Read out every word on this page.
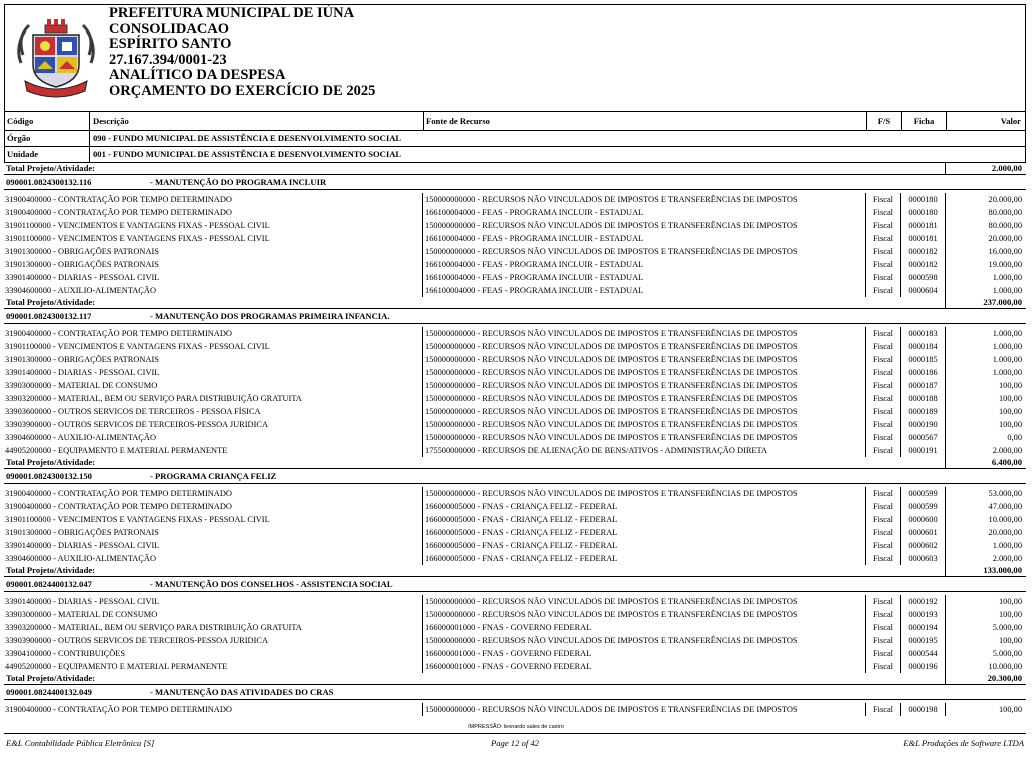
PREFEITURA MUNICIPAL DE IÚNA
CONSOLIDACAO
ESPÍRITO SANTO
27.167.394/0001-23
ANALÍTICO DA DESPESA
ORÇAMENTO DO EXERCÍCIO DE 2025
Código	Descrição	Fonte de Recurso	F/S	Ficha	Valor
Órgão	090 - FUNDO MUNICIPAL DE ASSISTÊNCIA E DESENVOLVIMENTO SOCIAL
Unidade	001 - FUNDO MUNICIPAL DE ASSISTÊNCIA E DESENVOLVIMENTO SOCIAL
Total Projeto/Atividade:	2.000,00
090001.0824300132.116	- MANUTENÇÃO DO PROGRAMA INCLUIR
31900400000 - CONTRATAÇÃO POR TEMPO DETERMINADO	150000000000 - RECURSOS NÃO VINCULADOS DE IMPOSTOS E TRANSFERÊNCIAS DE IMPOSTOS	Fiscal	0000180	20.000,00
31900400000 - CONTRATAÇÃO POR TEMPO DETERMINADO	166100004000 - FEAS - PROGRAMA INCLUIR - ESTADUAL	Fiscal	0000180	80.000,00
31901100000 - VENCIMENTOS E VANTAGENS FIXAS - PESSOAL CIVIL	150000000000 - RECURSOS NÃO VINCULADOS DE IMPOSTOS E TRANSFERÊNCIAS DE IMPOSTOS	Fiscal	0000181	80.000,00
31901100000 - VENCIMENTOS E VANTAGENS FIXAS - PESSOAL CIVIL	166100004000 - FEAS - PROGRAMA INCLUIR - ESTADUAL	Fiscal	0000181	20.000,00
31901300000 - OBRIGAÇÕES PATRONAIS	150000000000 - RECURSOS NÃO VINCULADOS DE IMPOSTOS E TRANSFERÊNCIAS DE IMPOSTOS	Fiscal	0000182	16.000,00
31901300000 - OBRIGAÇÕES PATRONAIS	166100004000 - FEAS - PROGRAMA INCLUIR - ESTADUAL	Fiscal	0000182	19.000,00
33901400000 - DIARIAS - PESSOAL CIVIL	166100004000 - FEAS - PROGRAMA INCLUIR - ESTADUAL	Fiscal	0000598	1.000,00
33904600000 - AUXILIO-ALIMENTAÇÃO	166100004000 - FEAS - PROGRAMA INCLUIR - ESTADUAL	Fiscal	0000604	1.000,00
Total Projeto/Atividade:	237.000,00
090001.0824300132.117	- MANUTENÇÃO DOS PROGRAMAS PRIMEIRA INFANCIA.
31900400000 - CONTRATAÇÃO POR TEMPO DETERMINADO	150000000000 - RECURSOS NÃO VINCULADOS DE IMPOSTOS E TRANSFERÊNCIAS DE IMPOSTOS	Fiscal	0000183	1.000,00
31901100000 - VENCIMENTOS E VANTAGENS FIXAS - PESSOAL CIVIL	150000000000 - RECURSOS NÃO VINCULADOS DE IMPOSTOS E TRANSFERÊNCIAS DE IMPOSTOS	Fiscal	0000184	1.000,00
31901300000 - OBRIGAÇÕES PATRONAIS	150000000000 - RECURSOS NÃO VINCULADOS DE IMPOSTOS E TRANSFERÊNCIAS DE IMPOSTOS	Fiscal	0000185	1.000,00
33901400000 - DIARIAS - PESSOAL CIVIL	150000000000 - RECURSOS NÃO VINCULADOS DE IMPOSTOS E TRANSFERÊNCIAS DE IMPOSTOS	Fiscal	0000186	1.000,00
33903000000 - MATERIAL DE CONSUMO	150000000000 - RECURSOS NÃO VINCULADOS DE IMPOSTOS E TRANSFERÊNCIAS DE IMPOSTOS	Fiscal	0000187	100,00
33903200000 - MATERIAL, BEM OU SERVIÇO PARA DISTRIBUIÇÃO GRATUITA	150000000000 - RECURSOS NÃO VINCULADOS DE IMPOSTOS E TRANSFERÊNCIAS DE IMPOSTOS	Fiscal	0000188	100,00
33903600000 - OUTROS SERVICOS DE TERCEIROS - PESSOA FÍSICA	150000000000 - RECURSOS NÃO VINCULADOS DE IMPOSTOS E TRANSFERÊNCIAS DE IMPOSTOS	Fiscal	0000189	100,00
33903900000 - OUTROS SERVICOS DE TERCEIROS-PESSOA JURIDICA	150000000000 - RECURSOS NÃO VINCULADOS DE IMPOSTOS E TRANSFERÊNCIAS DE IMPOSTOS	Fiscal	0000190	100,00
33904600000 - AUXILIO-ALIMENTAÇÃO	150000000000 - RECURSOS NÃO VINCULADOS DE IMPOSTOS E TRANSFERÊNCIAS DE IMPOSTOS	Fiscal	0000567	0,00
44905200000 - EQUIPAMENTO E MATERIAL PERMANENTE	175500000000 - RECURSOS DE ALIENAÇÃO DE BENS/ATIVOS - ADMINISTRAÇÃO DIRETA	Fiscal	0000191	2.000,00
Total Projeto/Atividade:	6.400,00
090001.0824300132.150	- PROGRAMA CRIANÇA FELIZ
31900400000 - CONTRATAÇÃO POR TEMPO DETERMINADO	150000000000 - RECURSOS NÃO VINCULADOS DE IMPOSTOS E TRANSFERÊNCIAS DE IMPOSTOS	Fiscal	0000599	53.000,00
31900400000 - CONTRATAÇÃO POR TEMPO DETERMINADO	166000005000 - FNAS - CRIANÇA FELIZ - FEDERAL	Fiscal	0000599	47.000,00
31901100000 - VENCIMENTOS E VANTAGENS FIXAS - PESSOAL CIVIL	166000005000 - FNAS - CRIANÇA FELIZ - FEDERAL	Fiscal	0000600	10.000,00
31901300000 - OBRIGAÇÕES PATRONAIS	166000005000 - FNAS - CRIANÇA FELIZ - FEDERAL	Fiscal	0000601	20.000,00
33901400000 - DIARIAS - PESSOAL CIVIL	166000005000 - FNAS - CRIANÇA FELIZ - FEDERAL	Fiscal	0000602	1.000,00
33904600000 - AUXILIO-ALIMENTAÇÃO	166000005000 - FNAS - CRIANÇA FELIZ - FEDERAL	Fiscal	0000603	2.000,00
Total Projeto/Atividade:	133.000,00
090001.0824400132.047	- MANUTENÇÃO DOS CONSELHOS - ASSISTENCIA SOCIAL
33901400000 - DIARIAS - PESSOAL CIVIL	150000000000 - RECURSOS NÃO VINCULADOS DE IMPOSTOS E TRANSFERÊNCIAS DE IMPOSTOS	Fiscal	0000192	100,00
33903000000 - MATERIAL DE CONSUMO	150000000000 - RECURSOS NÃO VINCULADOS DE IMPOSTOS E TRANSFERÊNCIAS DE IMPOSTOS	Fiscal	0000193	100,00
33903200000 - MATERIAL, BEM OU SERVIÇO PARA DISTRIBUIÇÃO GRATUITA	166000001000 - FNAS - GOVERNO FEDERAL	Fiscal	0000194	5.000,00
33903900000 - OUTROS SERVICOS DE TERCEIROS-PESSOA JURIDICA	150000000000 - RECURSOS NÃO VINCULADOS DE IMPOSTOS E TRANSFERÊNCIAS DE IMPOSTOS	Fiscal	0000195	100,00
33904100000 - CONTRIBUIÇÕES	166000001000 - FNAS - GOVERNO FEDERAL	Fiscal	0000544	5.000,00
44905200000 - EQUIPAMENTO E MATERIAL PERMANENTE	166000001000 - FNAS - GOVERNO FEDERAL	Fiscal	0000196	10.000,00
Total Projeto/Atividade:	20.300,00
090001.0824400132.049	- MANUTENÇÃO DAS ATIVIDADES DO CRAS
31900400000 - CONTRATAÇÃO POR TEMPO DETERMINADO	150000000000 - RECURSOS NÃO VINCULADOS DE IMPOSTOS E TRANSFERÊNCIAS DE IMPOSTOS	Fiscal	0000198	100,00
IMPRESSÃO: leonardo sales de castro
E&L Contabilidade Pública Eletrônica [S]	Page 12 of 42	E&L Produções de Software LTDA
